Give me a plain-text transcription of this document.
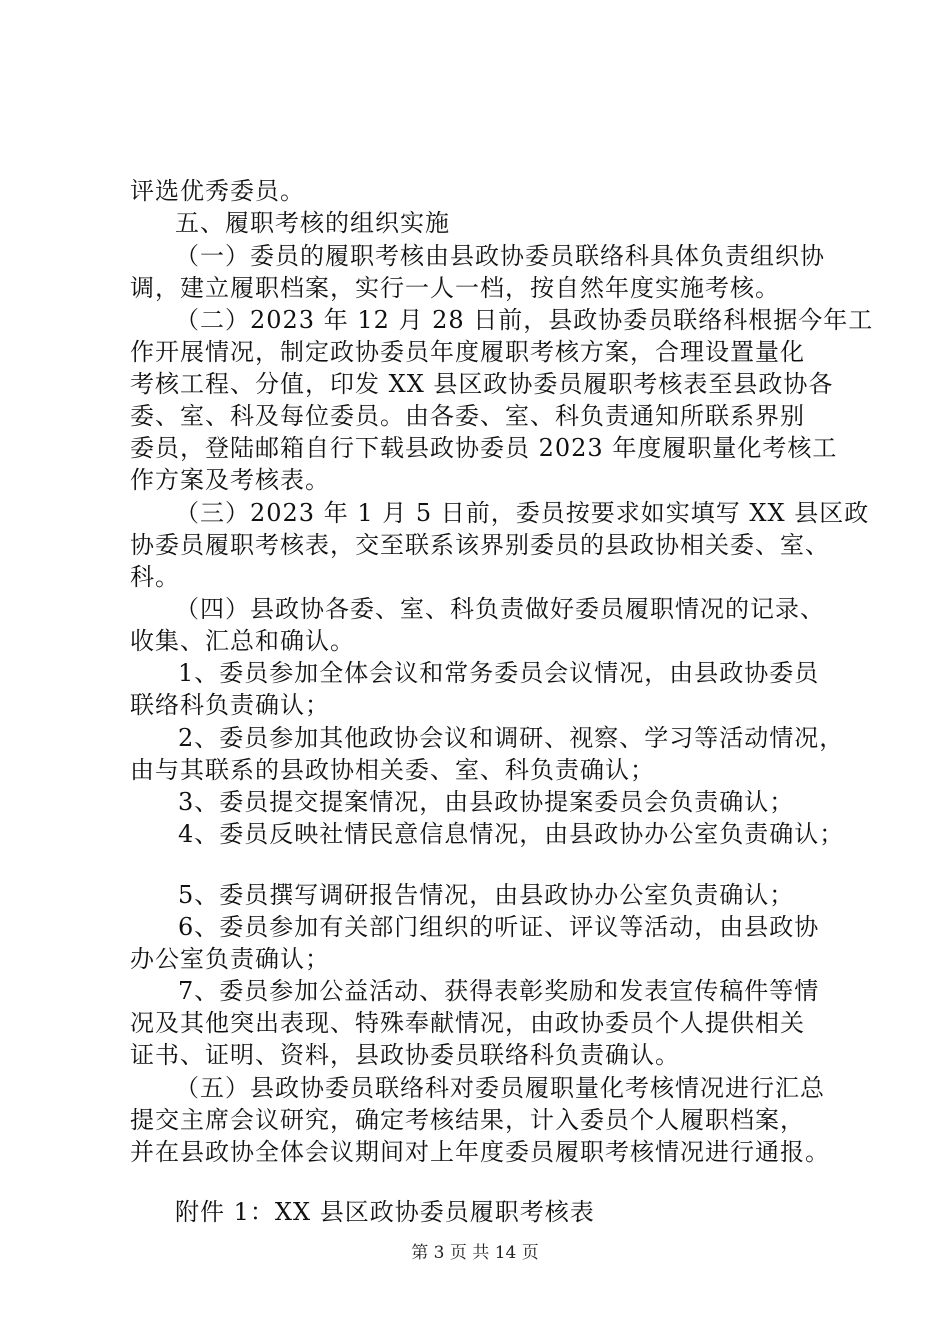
评选优秀委员。
五、履职考核的组织实施
（一）委员的履职考核由县政协委员联络科具体负责组织协
调，建立履职档案，实行一人一档，按自然年度实施考核。
（二）2023 年 12 月 28 日前，县政协委员联络科根据今年工
作开展情况，制定政协委员年度履职考核方案，合理设置量化
考核工程、分值，印发 XX 县区政协委员履职考核表至县政协各
委、室、科及每位委员。由各委、室、科负责通知所联系界别
委员，登陆邮箱自行下载县政协委员 2023 年度履职量化考核工
作方案及考核表。
（三）2023 年 1 月 5 日前，委员按要求如实填写 XX 县区政
协委员履职考核表，交至联系该界别委员的县政协相关委、室、
科。
（四）县政协各委、室、科负责做好委员履职情况的记录、
收集、汇总和确认。
1、委员参加全体会议和常务委员会议情况，由县政协委员
联络科负责确认；
2、委员参加其他政协会议和调研、视察、学习等活动情况，
由与其联系的县政协相关委、室、科负责确认；
3、委员提交提案情况，由县政协提案委员会负责确认；
4、委员反映社情民意信息情况，由县政协办公室负责确认；
5、委员撰写调研报告情况，由县政协办公室负责确认；
6、委员参加有关部门组织的听证、评议等活动，由县政协
办公室负责确认；
7、委员参加公益活动、获得表彰奖励和发表宣传稿件等情
况及其他突出表现、特殊奉献情况，由政协委员个人提供相关
证书、证明、资料，县政协委员联络科负责确认。
（五）县政协委员联络科对委员履职量化考核情况进行汇总
提交主席会议研究，确定考核结果，计入委员个人履职档案，
并在县政协全体会议期间对上年度委员履职考核情况进行通报。
附件 1：XX 县区政协委员履职考核表
第 3 页 共 14 页
